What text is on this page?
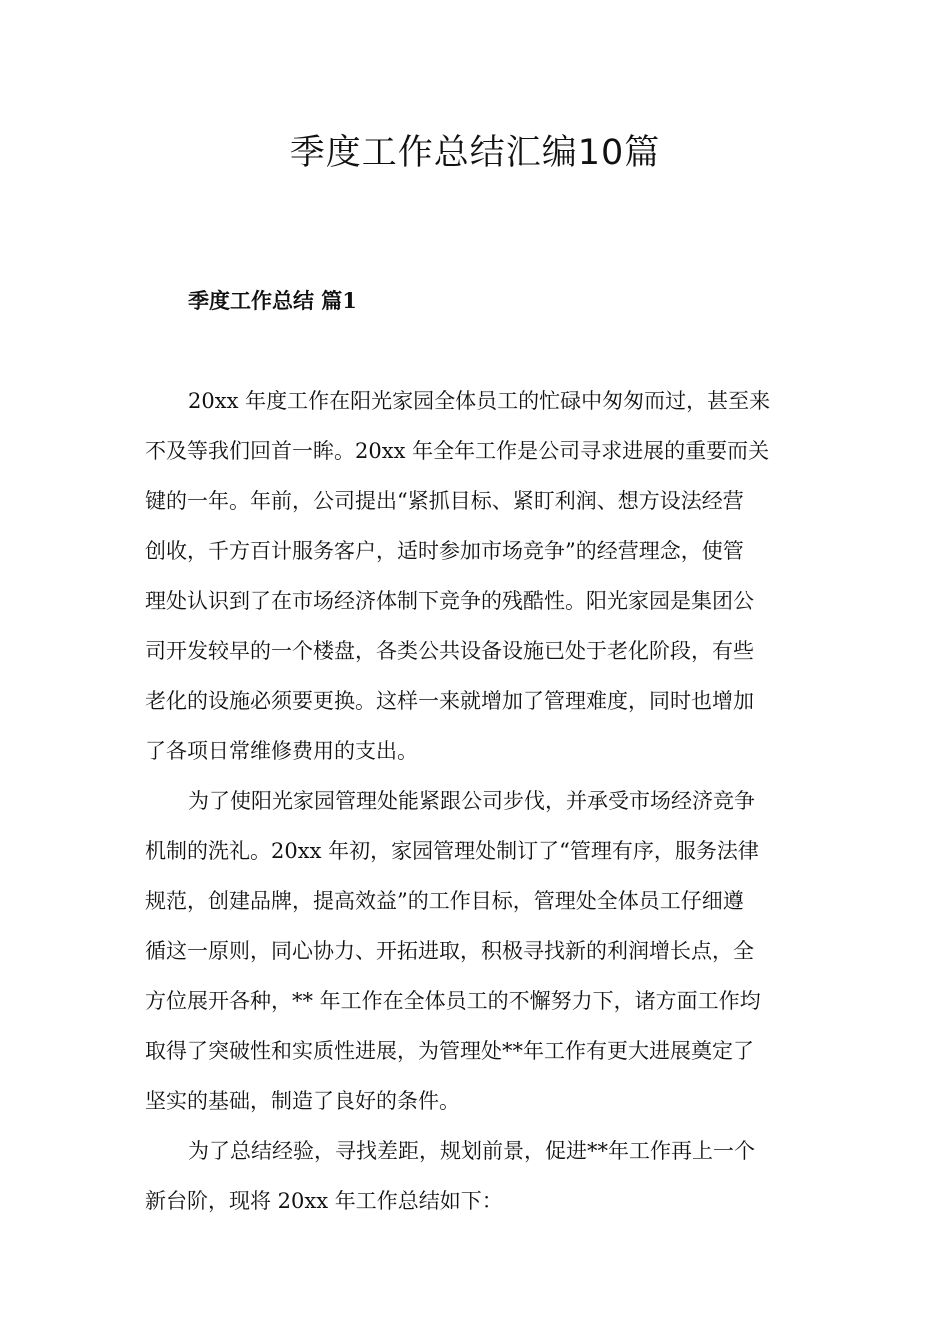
季度工作总结汇编10篇
季度工作总结 篇1
20xx 年度工作在阳光家园全体员工的忙碌中匆匆而过，甚至来
不及等我们回首一眸。20xx 年全年工作是公司寻求进展的重要而关
键的一年。年前，公司提出“紧抓目标、紧盯利润、想方设法经营
创收，千方百计服务客户，适时参加市场竞争”的经营理念，使管
理处认识到了在市场经济体制下竞争的残酷性。阳光家园是集团公
司开发较早的一个楼盘，各类公共设备设施已处于老化阶段，有些
老化的设施必须要更换。这样一来就增加了管理难度，同时也增加
了各项日常维修费用的支出。
为了使阳光家园管理处能紧跟公司步伐，并承受市场经济竞争
机制的洗礼。20xx 年初，家园管理处制订了“管理有序，服务法律
规范，创建品牌，提高效益”的工作目标，管理处全体员工仔细遵
循这一原则，同心协力、开拓进取，积极寻找新的利润增长点，全
方位展开各种，** 年工作在全体员工的不懈努力下，诸方面工作均
取得了突破性和实质性进展，为管理处**年工作有更大进展奠定了
坚实的基础，制造了良好的条件。
为了总结经验，寻找差距，规划前景，促进**年工作再上一个
新台阶，现将 20xx 年工作总结如下：
